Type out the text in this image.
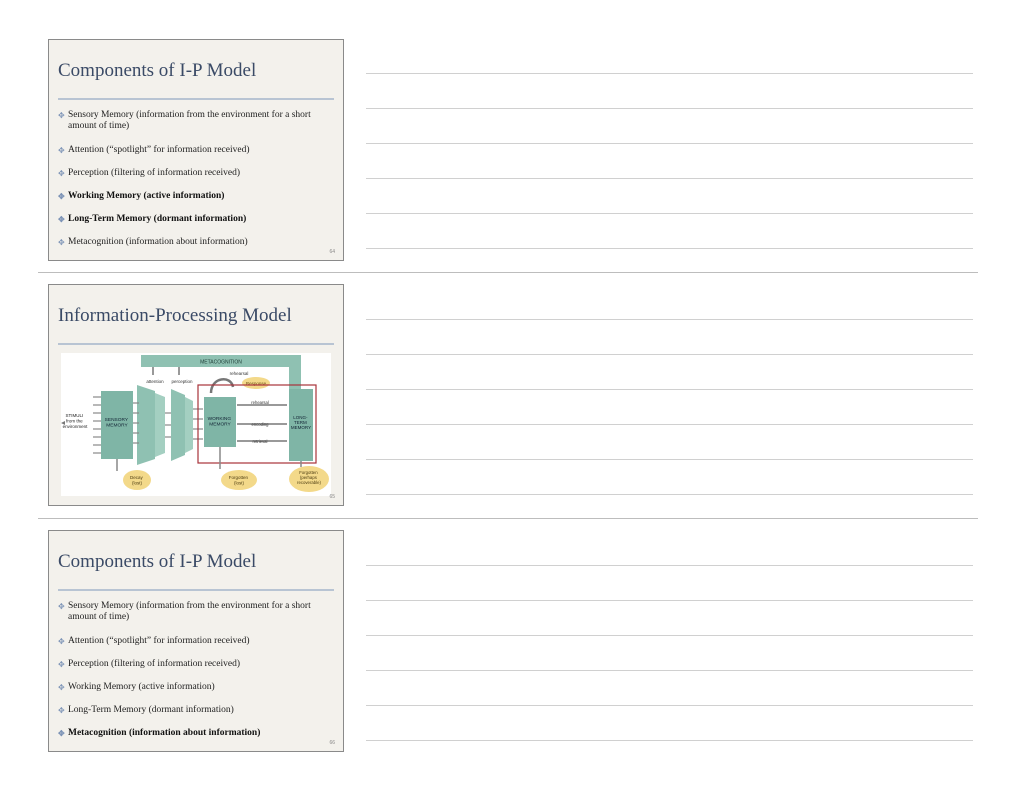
Components of I-P Model
✥ Sensory Memory (information from the environment for a short amount of time)
✥ Attention (“spotlight” for information received)
✥ Perception (filtering of information received)
✥ Working Memory (active information)
✥ Long-Term Memory (dormant information)
✥ Metacognition (information about information)
64
Information-Processing Model
METACOGNITION
attention perception
rehearsal
Response
STIMULI from the environment
SENSORY MEMORY
WORKING MEMORY
rehearsal
encoding
retrieval
LONG- TERM MEMORY
Decay (lost)
Forgotten (lost)
Forgotten (perhaps recoverable)
65
Components of I-P Model
✥ Sensory Memory (information from the environment for a short amount of time)
✥ Attention (“spotlight” for information received)
✥ Perception (filtering of information received)
✥ Working Memory (active information)
✥ Long-Term Memory (dormant information)
✥ Metacognition (information about information)
66
